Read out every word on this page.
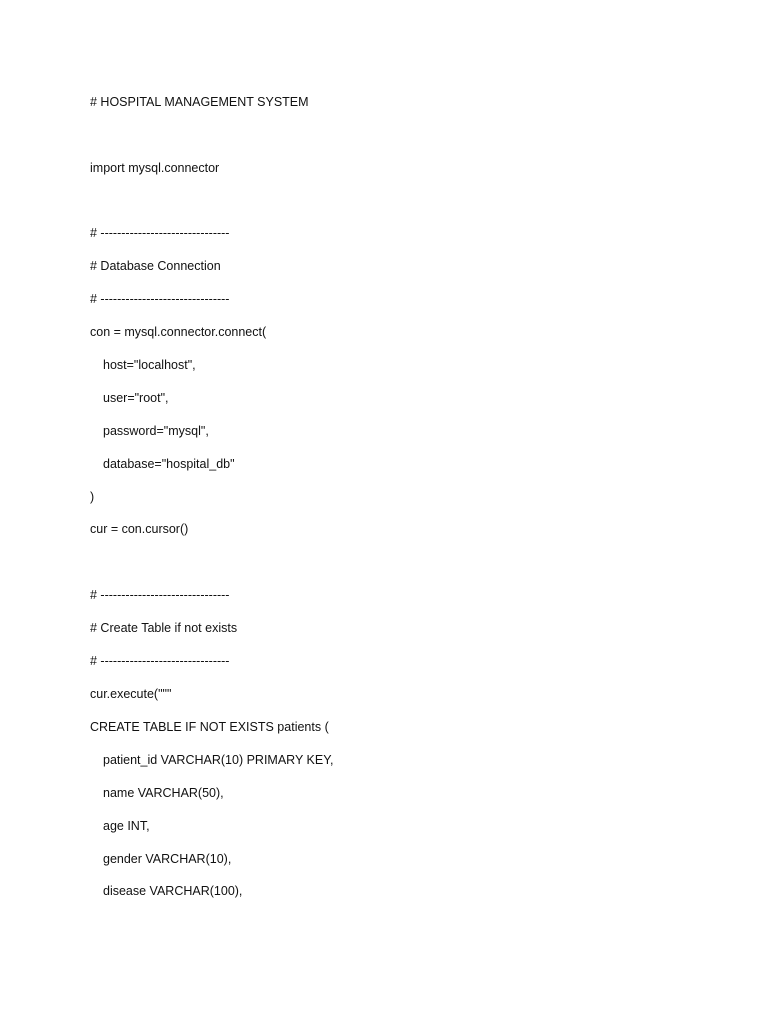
# HOSPITAL MANAGEMENT SYSTEM
import mysql.connector
# -------------------------------
# Database Connection
# -------------------------------
con = mysql.connector.connect(
host="localhost",
user="root",
password="mysql",
database="hospital_db"
)
cur = con.cursor()
# -------------------------------
# Create Table if not exists
# -------------------------------
cur.execute("""
CREATE TABLE IF NOT EXISTS patients (
patient_id VARCHAR(10) PRIMARY KEY,
name VARCHAR(50),
age INT,
gender VARCHAR(10),
disease VARCHAR(100),
